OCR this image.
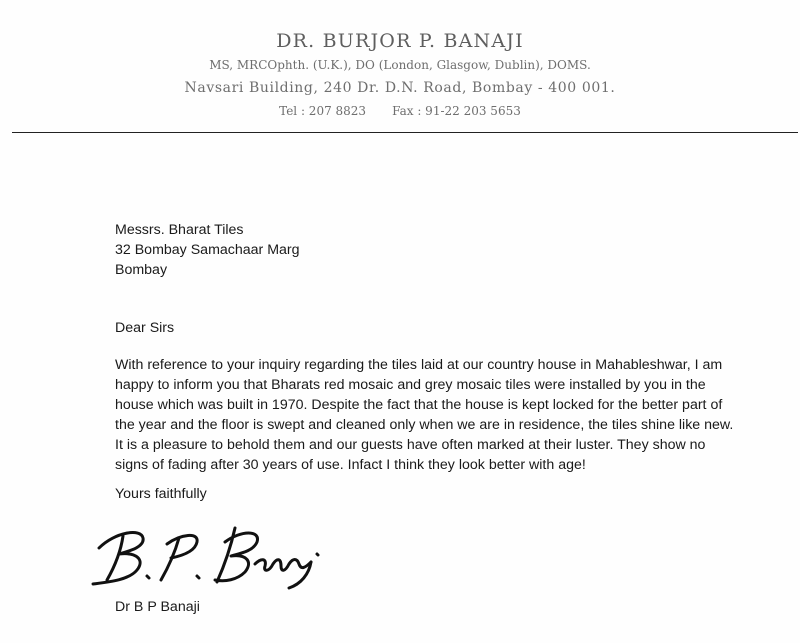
DR. BURJOR P. BANAJI
MS, MRCOphth. (U.K.), DO (London, Glasgow, Dublin), DOMS.
Navsari Building, 240 Dr. D.N. Road, Bombay - 400 001.
Tel : 207 8823 Fax : 91-22 203 5653
Messrs. Bharat Tiles
32 Bombay Samachaar Marg
Bombay
Dear Sirs
With reference to your inquiry regarding the tiles laid at our country house in Mahableshwar, I am
happy to inform you that Bharats red mosaic and grey mosaic tiles were installed by you in the
house which was built in 1970. Despite the fact that the house is kept locked for the better part of
the year and the floor is swept and cleaned only when we are in residence, the tiles shine like new.
It is a pleasure to behold them and our guests have often marked at their luster. They show no
signs of fading after 30 years of use. Infact I think they look better with age!
Yours faithfully
Dr B P Banaji
